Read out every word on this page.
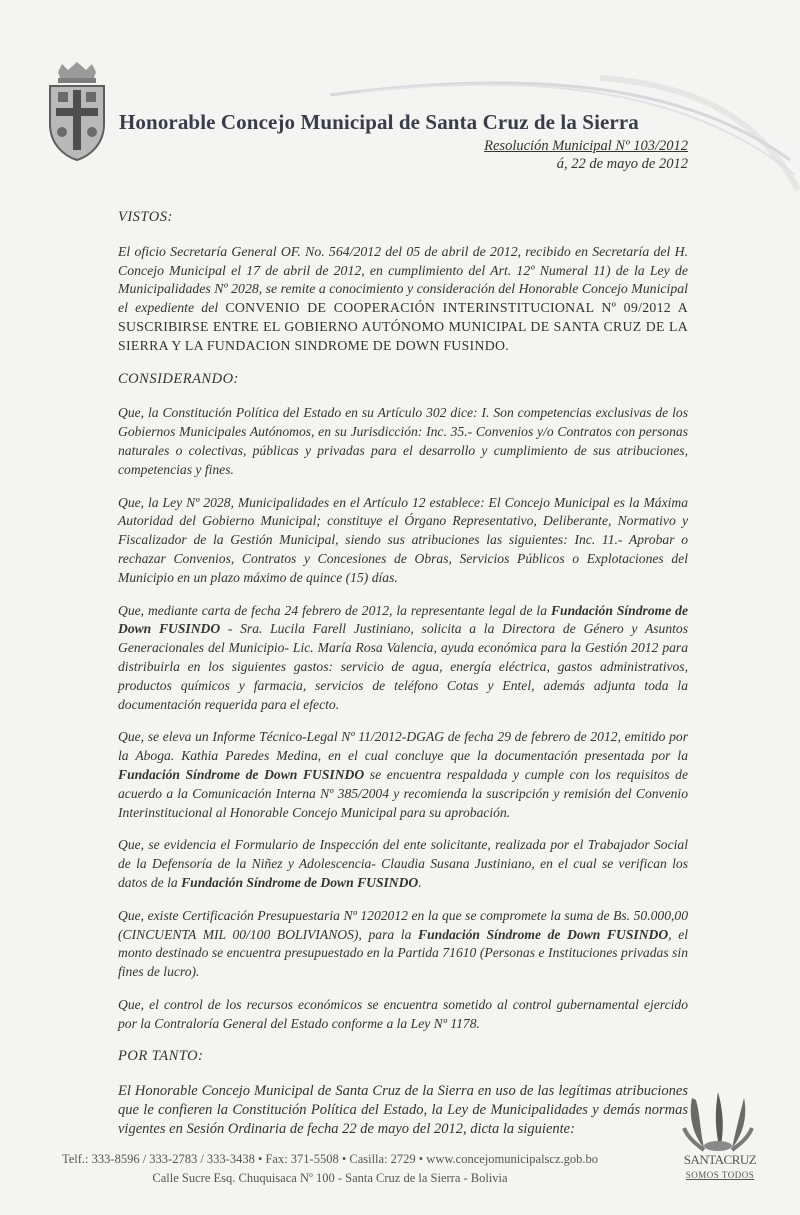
Honorable Concejo Municipal de Santa Cruz de la Sierra
Resolución Municipal Nº 103/2012
á, 22 de mayo de 2012
VISTOS:

El oficio Secretaría General OF. No. 564/2012 del 05 de abril de 2012, recibido en Secretaría del H. Concejo Municipal el 17 de abril de 2012, en cumplimiento del Art. 12º Numeral 11) de la Ley de Municipalidades Nº 2028, se remite a conocimiento y consideración del Honorable Concejo Municipal el expediente del CONVENIO DE COOPERACIÓN INTERINSTITUCIONAL Nº 09/2012 A SUSCRIBIRSE ENTRE EL GOBIERNO AUTÓNOMO MUNICIPAL DE SANTA CRUZ DE LA SIERRA Y LA FUNDACION SINDROME DE DOWN FUSINDO.

CONSIDERANDO:

Que, la Constitución Política del Estado en su Artículo 302 dice: I. Son competencias exclusivas de los Gobiernos Municipales Autónomos, en su Jurisdicción: Inc. 35.- Convenios y/o Contratos con personas naturales o colectivas, públicas y privadas para el desarrollo y cumplimiento de sus atribuciones, competencias y fines.

Que, la Ley Nº 2028, Municipalidades en el Artículo 12 establece: El Concejo Municipal es la Máxima Autoridad del Gobierno Municipal; constituye el Órgano Representativo, Deliberante, Normativo y Fiscalizador de la Gestión Municipal, siendo sus atribuciones las siguientes: Inc. 11.- Aprobar o rechazar Convenios, Contratos y Concesiones de Obras, Servicios Públicos o Explotaciones del Municipio en un plazo máximo de quince (15) días.

Que, mediante carta de fecha 24 febrero de 2012, la representante legal de la Fundación Síndrome de Down FUSINDO - Sra. Lucila Farell Justiniano, solicita a la Directora de Género y Asuntos Generacionales del Municipio- Lic. María Rosa Valencia, ayuda económica para la Gestión 2012 para distribuirla en los siguientes gastos: servicio de agua, energía eléctrica, gastos administrativos, productos químicos y farmacia, servicios de teléfono Cotas y Entel, además adjunta toda la documentación requerida para el efecto.

Que, se eleva un Informe Técnico-Legal Nº 11/2012-DGAG de fecha 29 de febrero de 2012, emitido por la Aboga. Kathia Paredes Medina, en el cual concluye que la documentación presentada por la Fundación Síndrome de Down FUSINDO se encuentra respaldada y cumple con los requisitos de acuerdo a la Comunicación Interna Nº 385/2004 y recomienda la suscripción y remisión del Convenio Interinstitucional al Honorable Concejo Municipal para su aprobación.

Que, se evidencia el Formulario de Inspección del ente solicitante, realizada por el Trabajador Social de la Defensoría de la Niñez y Adolescencia- Claudia Susana Justiniano, en el cual se verifican los datos de la Fundación Síndrome de Down FUSINDO.

Que, existe Certificación Presupuestaria Nº 1202012 en la que se compromete la suma de Bs. 50.000,00 (CINCUENTA MIL 00/100 BOLIVIANOS), para la Fundación Síndrome de Down FUSINDO, el monto destinado se encuentra presupuestado en la Partida 71610 (Personas e Instituciones privadas sin fines de lucro).

Que, el control de los recursos económicos se encuentra sometido al control gubernamental ejercido por la Contraloría General del Estado conforme a la Ley Nº 1178.

POR TANTO:

El Honorable Concejo Municipal de Santa Cruz de la Sierra en uso de las legítimas atribuciones que le confieren la Constitución Política del Estado, la Ley de Municipalidades y demás normas vigentes en Sesión Ordinaria de fecha 22 de mayo del 2012, dicta la siguiente:

Telf.: 333-8596 / 333-2783 / 333-3438 • Fax: 371-5508 • Casilla: 2729 • www.concejomunicipalscz.gob.bo
Calle Sucre Esq. Chuquisaca Nº 100 - Santa Cruz de la Sierra - Bolivia
SANTACRUZ
SOMOS TODOS
